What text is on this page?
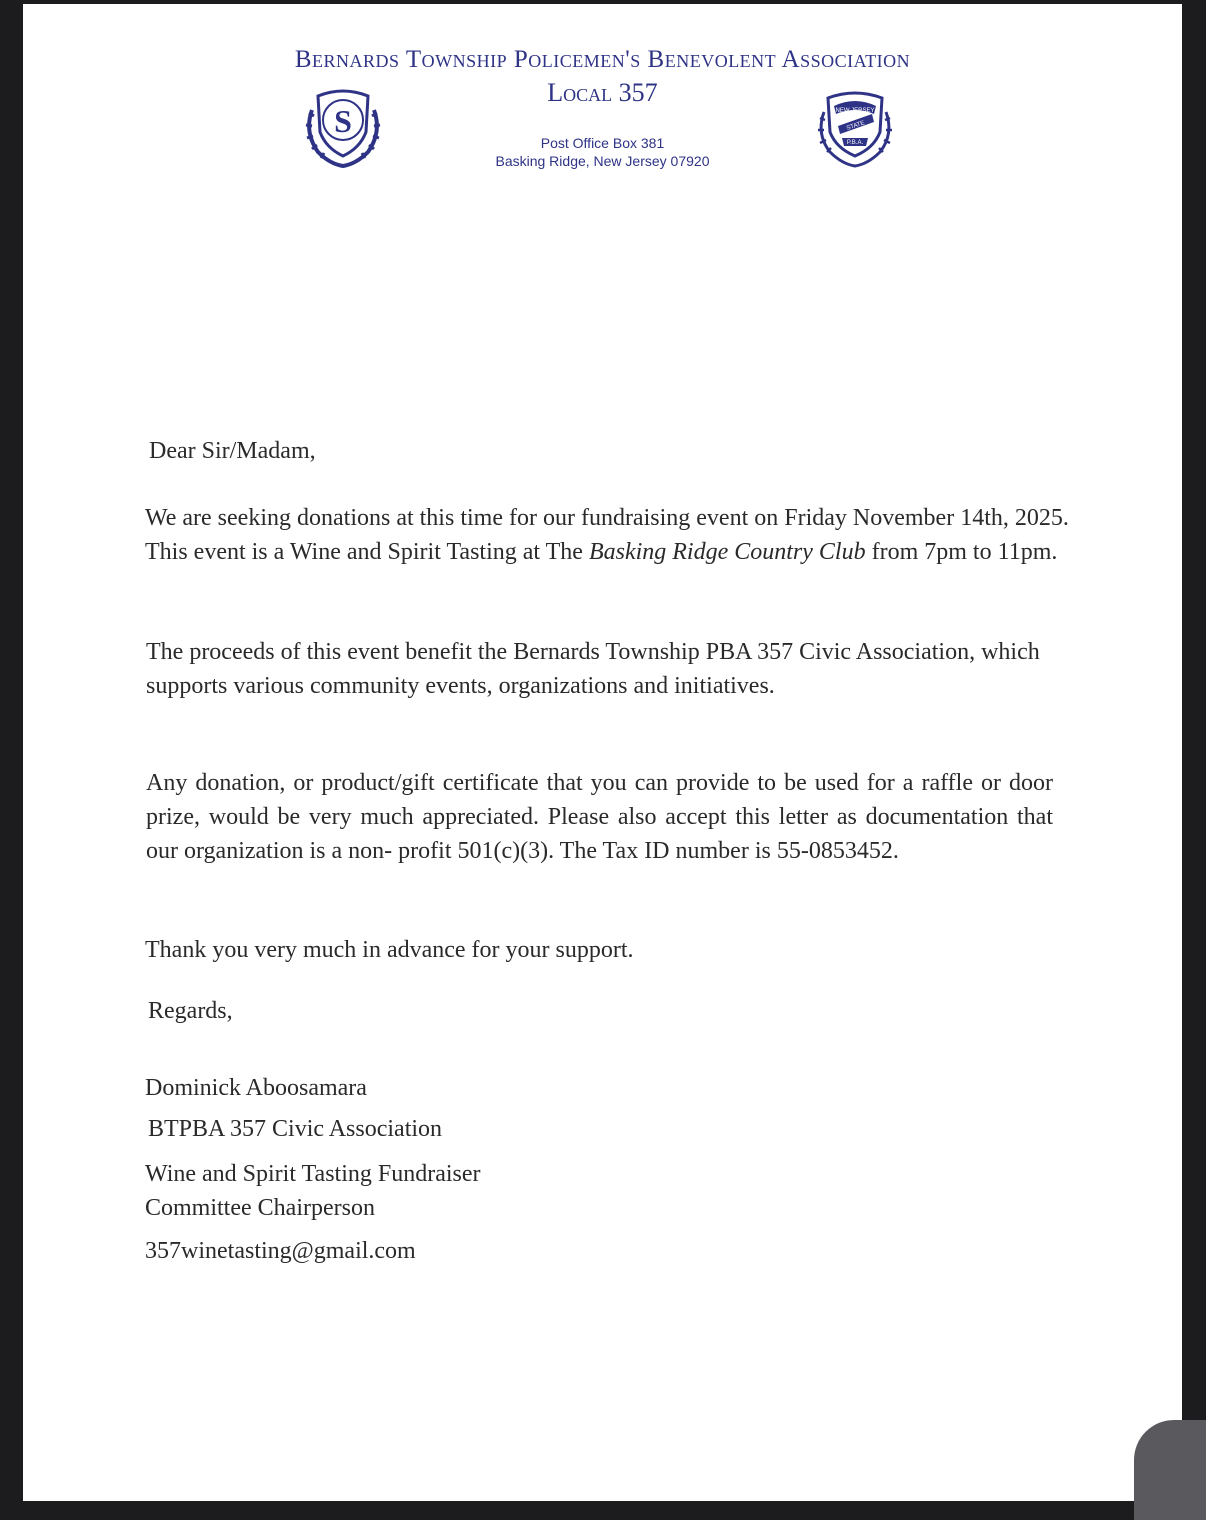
Bernards Township Policemen's Benevolent Association
Local 357
Post Office Box 381
Basking Ridge, New Jersey 07920
S	NEW JERSEY
STATE
P.B.A.

Dear Sir/Madam,

We are seeking donations at this time for our fundraising event on Friday November 14th, 2025. This event is a Wine and Spirit Tasting at The Basking Ridge Country Club from 7pm to 11pm.

The proceeds of this event benefit the Bernards Township PBA 357 Civic Association, which supports various community events, organizations and initiatives.

Any donation, or product/gift certificate that you can provide to be used for a raffle or door prize, would be very much appreciated. Please also accept this letter as documentation that our organization is a non- profit 501(c)(3). The Tax ID number is 55-0853452.

Thank you very much in advance for your support.

Regards,

Dominick Aboosamara

BTPBA 357 Civic Association

Wine and Spirit Tasting Fundraiser
Committee Chairperson

357winetasting@gmail.com
